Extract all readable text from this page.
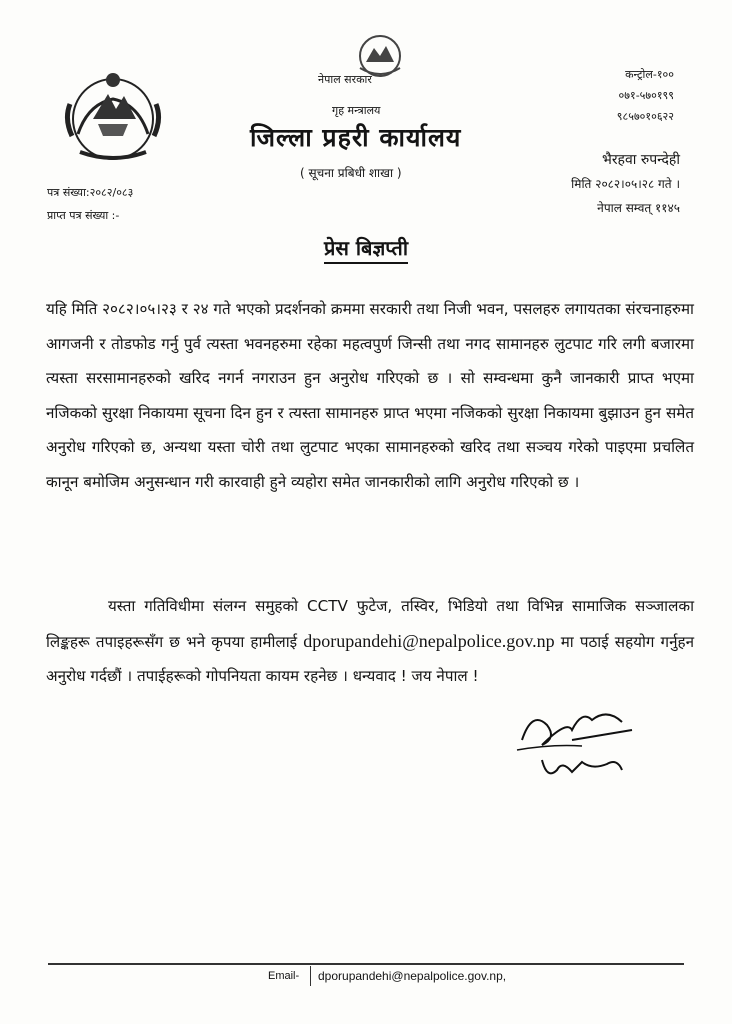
नेपाल सरकार
गृह मन्त्रालय
जिल्ला प्रहरी कार्यालय
( सूचना प्रबिधी शाखा )
कन्ट्रोल-१००
०७१-५७०१९९
९८५७०१०६२२
भैरहवा रुपन्देही
मिति २०८२।०५।२८ गते ।
नेपाल सम्वत् ११४५
पत्र संख्या:२०८२/०८३
प्राप्त पत्र संख्या :-
प्रेस बिज्ञप्ती

यहि मिति २०८२।०५।२३ र २४ गते भएको प्रदर्शनको क्रममा सरकारी तथा निजी भवन, पसलहरु लगायतका संरचनाहरुमा आगजनी र तोडफोड गर्नु पुर्व त्यस्ता भवनहरुमा रहेका महत्वपुर्ण जिन्सी तथा नगद सामानहरु लुटपाट गरि लगी बजारमा त्यस्ता सरसामानहरुको खरिद नगर्न नगराउन हुन अनुरोध गरिएको छ । सो सम्वन्धमा कुनै जानकारी प्राप्त भएमा नजिकको सुरक्षा निकायमा सूचना दिन हुन र त्यस्ता सामानहरु प्राप्त भएमा नजिकको सुरक्षा निकायमा बुझाउन हुन समेत अनुरोध गरिएको छ, अन्यथा यस्ता चोरी तथा लुटपाट भएका सामानहरुको खरिद तथा सञ्चय गरेको पाइएमा प्रचलित कानून बमोजिम अनुसन्धान गरी कारवाही हुने व्यहोरा समेत जानकारीको लागि अनुरोध गरिएको छ ।

यस्ता गतिविधीमा संलग्न समुहको CCTV फुटेज, तस्विर, भिडियो तथा विभिन्न सामाजिक सञ्जालका लिङ्कहरू तपाइहरूसँग छ भने कृपया हामीलाई dporupandehi@nepalpolice.gov.np मा पठाई सहयोग गर्नुहन अनुरोध गर्दछौं । तपाईहरूको गोपनियता कायम रहनेछ । धन्यवाद ! जय नेपाल !

Email- dporupandehi@nepalpolice.gov.np,
